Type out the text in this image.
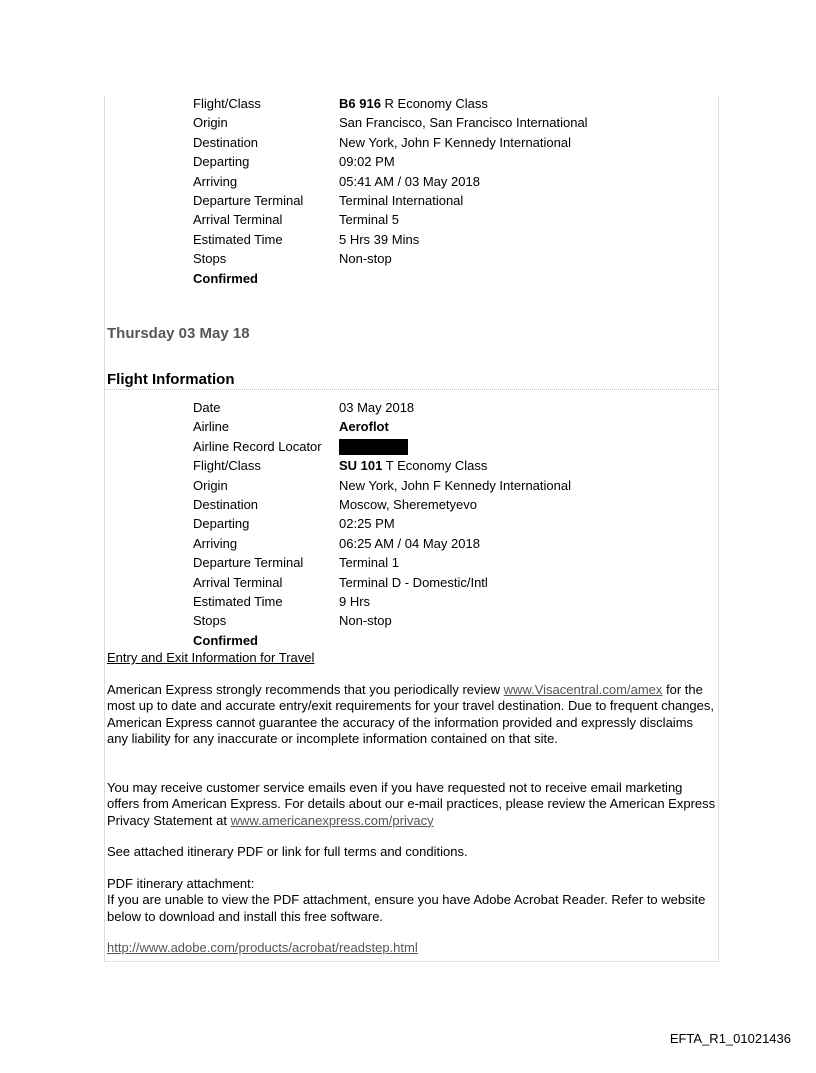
Flight/Class	B6 916 R Economy Class
Origin	San Francisco, San Francisco International
Destination	New York, John F Kennedy International
Departing	09:02 PM
Arriving	05:41 AM / 03 May 2018
Departure Terminal	Terminal International
Arrival Terminal	Terminal 5
Estimated Time	5 Hrs 39 Mins
Stops	Non-stop
Confirmed
Thursday 03 May 18
Flight Information
Date	03 May 2018
Airline	Aeroflot
Airline Record Locator
Flight/Class	SU 101 T Economy Class
Origin	New York, John F Kennedy International
Destination	Moscow, Sheremetyevo
Departing	02:25 PM
Arriving	06:25 AM / 04 May 2018
Departure Terminal	Terminal 1
Arrival Terminal	Terminal D - Domestic/Intl
Estimated Time	9 Hrs
Stops	Non-stop
Confirmed
Entry and Exit Information for Travel

American Express strongly recommends that you periodically review www.Visacentral.com/amex for the most up to date and accurate entry/exit requirements for your travel destination. Due to frequent changes, American Express cannot guarantee the accuracy of the information provided and expressly disclaims any liability for any inaccurate or incomplete information contained on that site.

You may receive customer service emails even if you have requested not to receive email marketing offers from American Express. For details about our e-mail practices, please review the American Express Privacy Statement at www.americanexpress.com/privacy

See attached itinerary PDF or link for full terms and conditions.

PDF itinerary attachment:
If you are unable to view the PDF attachment, ensure you have Adobe Acrobat Reader. Refer to website below to download and install this free software.

http://www.adobe.com/products/acrobat/readstep.html

EFTA_R1_01021436
